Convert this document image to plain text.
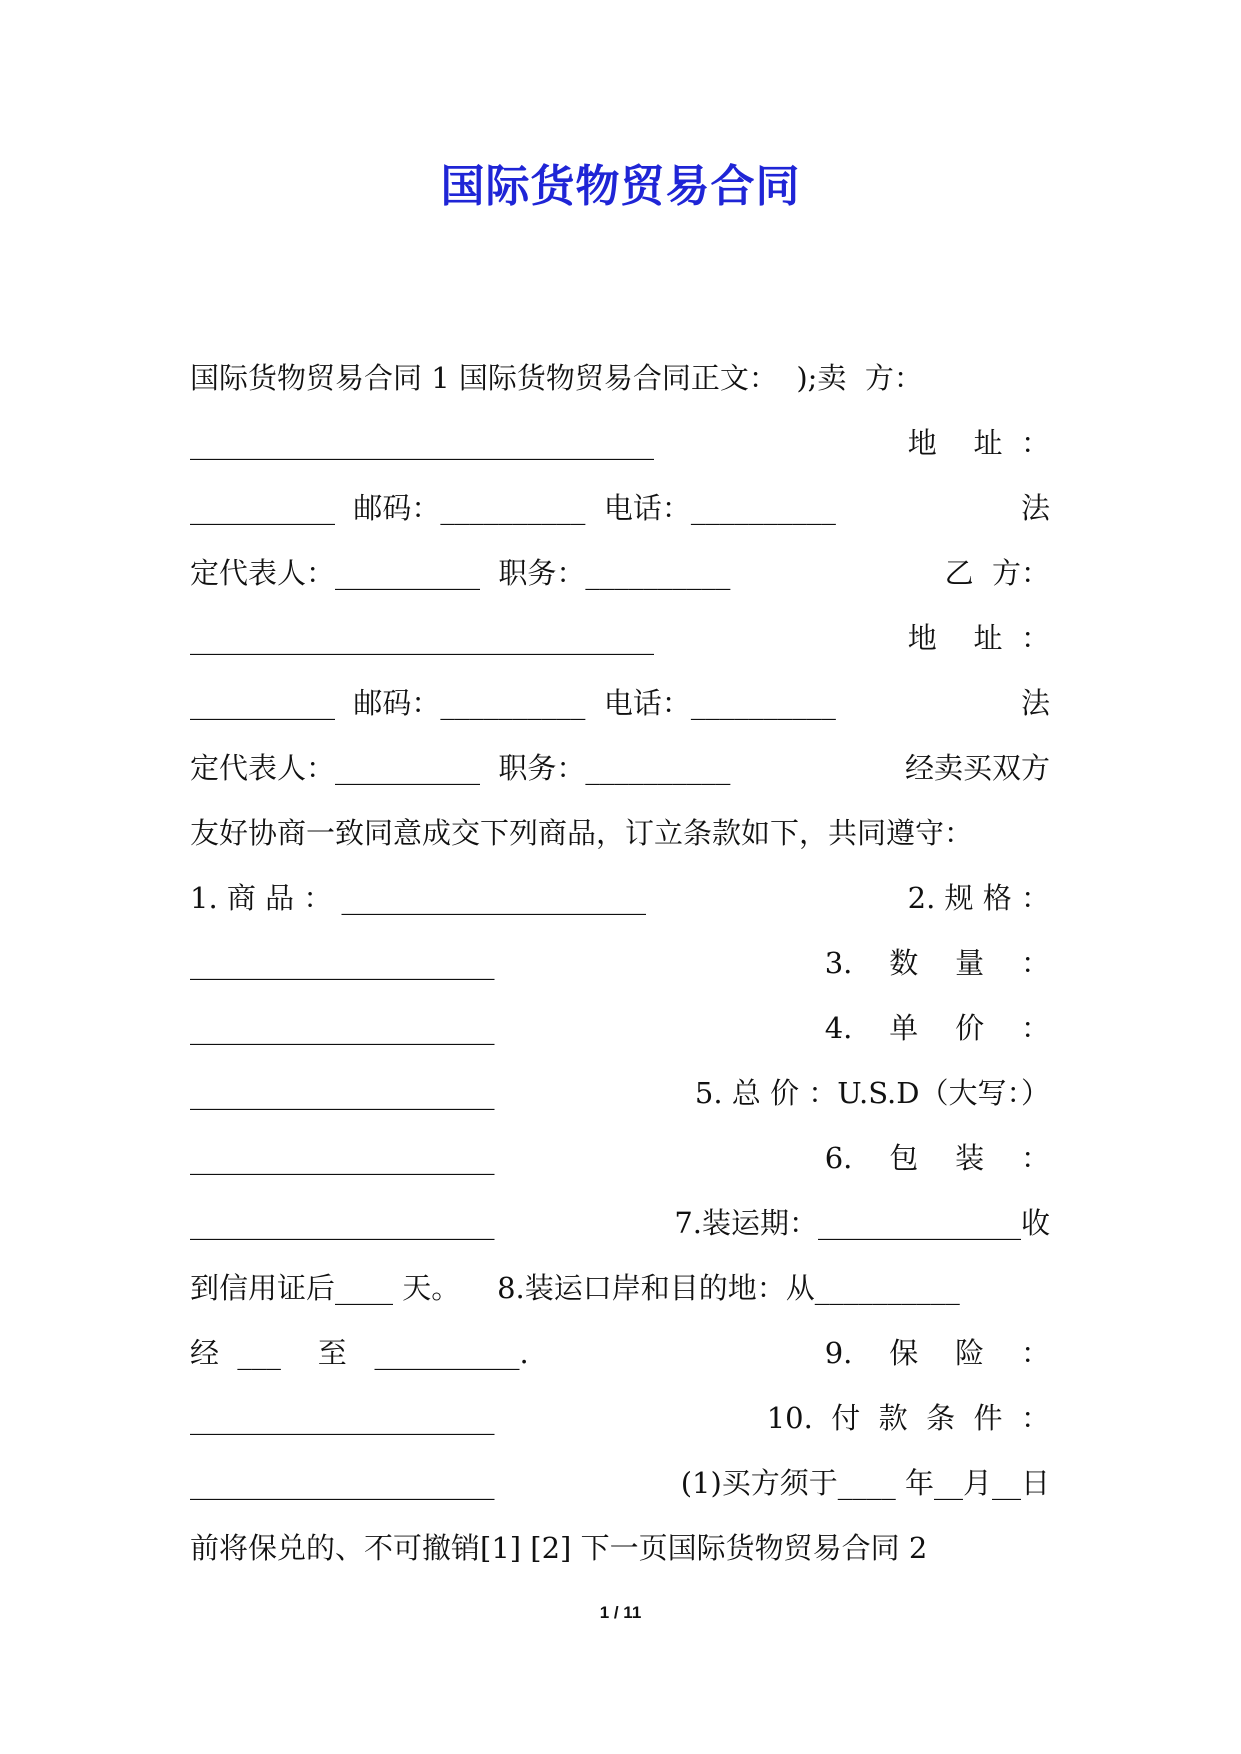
国际货物贸易合同
国际货物贸易合同 1 国际货物贸易合同正文：  );卖  方：
________________________________	地    址  ：
__________  邮码：__________  电话：__________	法
定代表人：__________  职务：__________	乙  方：
________________________________	地    址  ：
__________  邮码：__________  电话：__________	法
定代表人：__________  职务：__________	经卖买双方
友好协商一致同意成交下列商品，订立条款如下，共同遵守：
1. 商 品 ： _____________________	2. 规 格 ：
_____________________	3.    数    量    ：
_____________________	4.    单    价    ：
_____________________	5. 总 价 ：U.S.D（大写：）
_____________________	6.    包    装    ：
_____________________	7.装运期：______________收
到信用证后____ 天。    8.装运口岸和目的地：从__________
经  ___    至   __________.	9.    保    险    ：
_____________________	10.  付  款  条  件  ：
_____________________	(1)买方须于____ 年__月__日
前将保兑的、不可撤销[1] [2] 下一页国际货物贸易合同 2
1 / 11
